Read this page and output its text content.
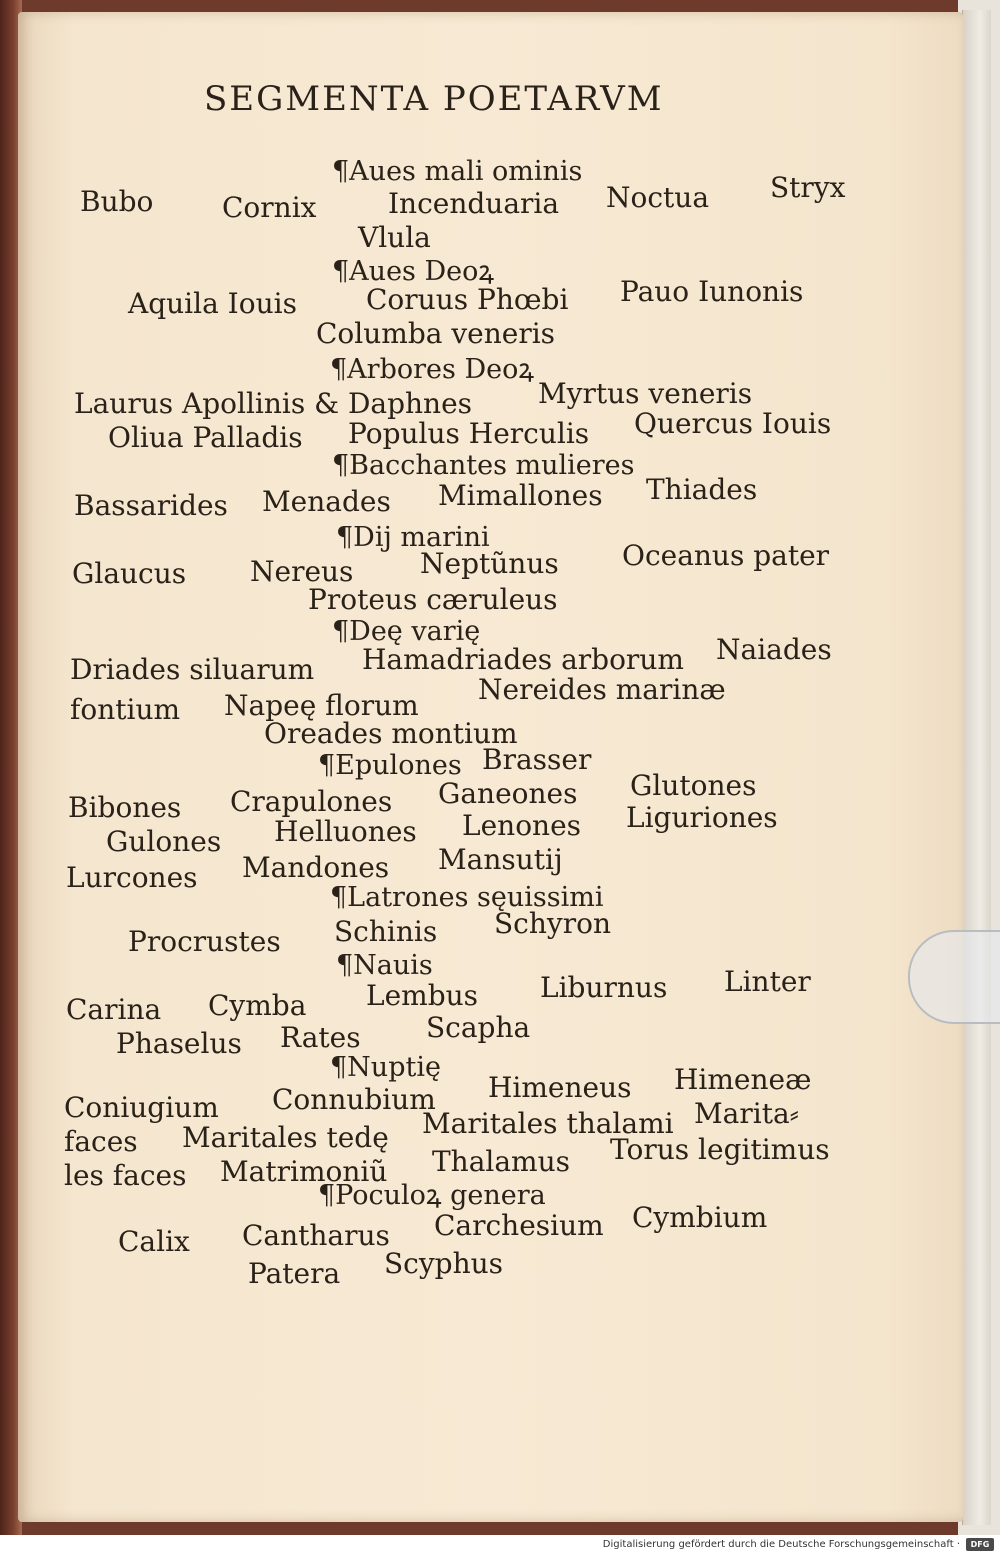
SEGMENTA POETARVM
¶Aues mali ominis
Bubo Cornix	Incenduaria Noctua Stryx
Vlula
¶Aues Deoꝝ
Aquila Iouis Coruus Phœbi Pauo Iunonis
Columba veneris
¶Arbores Deoꝝ
Laurus Apollinis & Daphnes Myrtus veneris
Oliua Palladis Populus Herculis Quercus Iouis
¶Bacchantes mulieres
Bassarides Menades Mimallones Thiades
¶Dij marini
Glaucus Nereus Neptũnus Oceanus pater
Proteus cæruleus
¶Deę varię
Driades siluarum Hamadriades arborum Naiades
fontium Napeę florum Nereides marinæ
Oreades montium
¶Epulones Brasser
Bibones Crapulones Ganeones Glutones
Gulones Helluones Lenones Liguriones
Lurcones Mandones Mansutij
¶Latrones sęuissimi
Procrustes Schinis Schyron
¶Nauis
Carina Cymba Lembus Liburnus Linter
Phaselus Rates Scapha
¶Nuptię
Coniugium Connubium Himeneus Himeneæ
faces Maritales tedę Maritales thalami Marita⸗
les faces Matrimoniũ Thalamus Torus legitimus
¶Poculoꝝ genera
Calix Cantharus Carchesium Cymbium
Patera Scyphus
Digitalisierung gefördert durch die Deutsche Forschungsgemeinschaft ·	DFG
